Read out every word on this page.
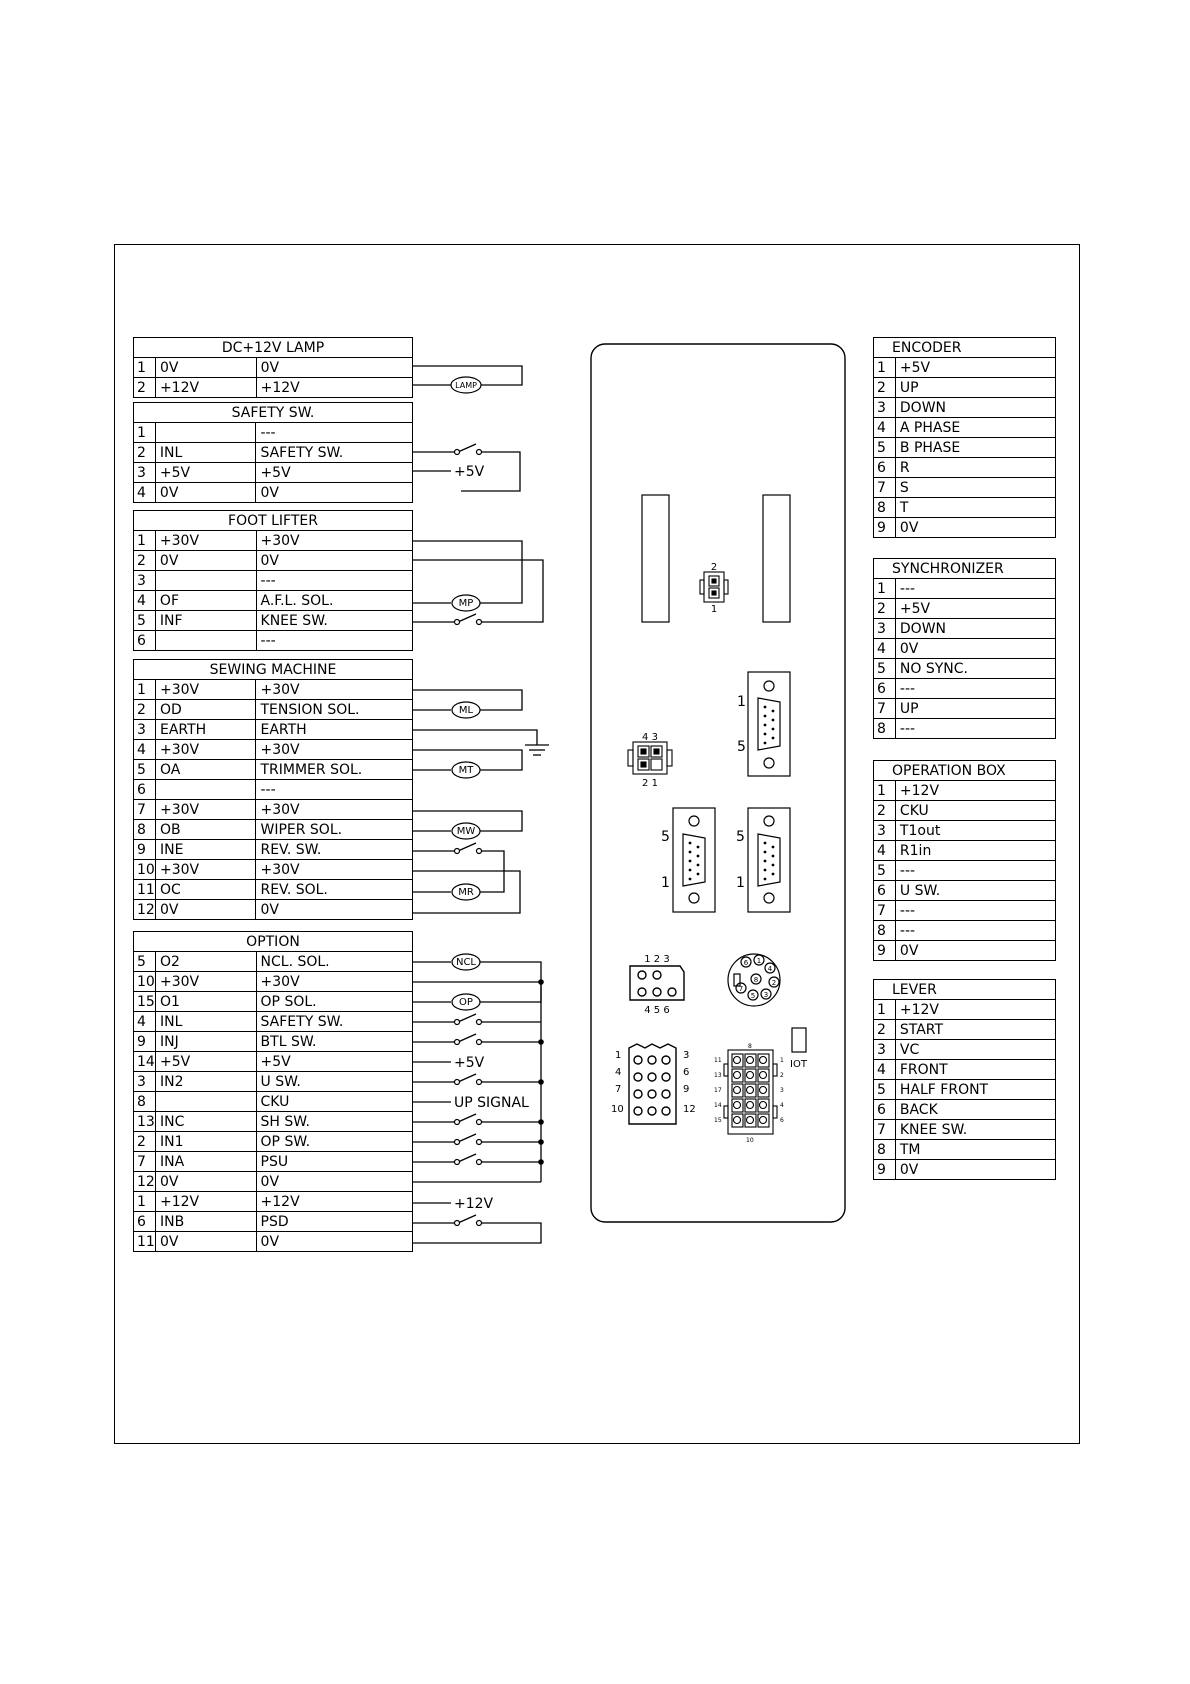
DC+12V LAMP		
1	0V	0V
2	+12V	+12V
SAFETY SW.		
1		---
2	INL	SAFETY SW.
3	+5V	+5V
4	0V	0V
FOOT LIFTER		
1	+30V	+30V
2	0V	0V
3		---
4	OF	A.F.L. SOL.
5	INF	KNEE SW.
6		---
SEWING MACHINE		
1	+30V	+30V
2	OD	TENSION SOL.
3	EARTH	EARTH
4	+30V	+30V
5	OA	TRIMMER SOL.
6		---
7	+30V	+30V
8	OB	WIPER SOL.
9	INE	REV. SW.
10	+30V	+30V
11	OC	REV. SOL.
12	0V	0V
OPTION		
5	O2	NCL. SOL.
10	+30V	+30V
15	O1	OP SOL.
4	INL	SAFETY SW.
9	INJ	BTL SW.
14	+5V	+5V
3	IN2	U SW.
8		CKU
13	INC	SH SW.
2	IN1	OP SW.
7	INA	PSU
12	0V	0V
1	+12V	+12V
6	INB	PSD
11	0V	0V
ENCODER	
1	+5V
2	UP
3	DOWN
4	A PHASE
5	B PHASE
6	R
7	S
8	T
9	0V
SYNCHRONIZER	
1	---
2	+5V
3	DOWN
4	0V
5	NO SYNC.
6	---
7	UP
8	---
OPERATION BOX	
1	+12V
2	CKU
3	T1out
4	R1in
5	---
6	U SW.
7	---
8	---
9	0V
LEVER	
1	+12V
2	START
3	VC
4	FRONT
5	HALF FRONT
6	BACK
7	KNEE SW.
8	TM
9	0V
LAMP
MP
ML
MT
MW
MR
NCL
OP
+5V
+5V
UP SIGNAL
+12V
2
1
4 3
2 1
1
5
5
1
5
1
1 2 3
4 5 6
1
2
3
4
5
6
7
8
IOT
1
4
7
10
3
6
9
12
8
10
11
13
17
14
15
1
2
3
4
6
